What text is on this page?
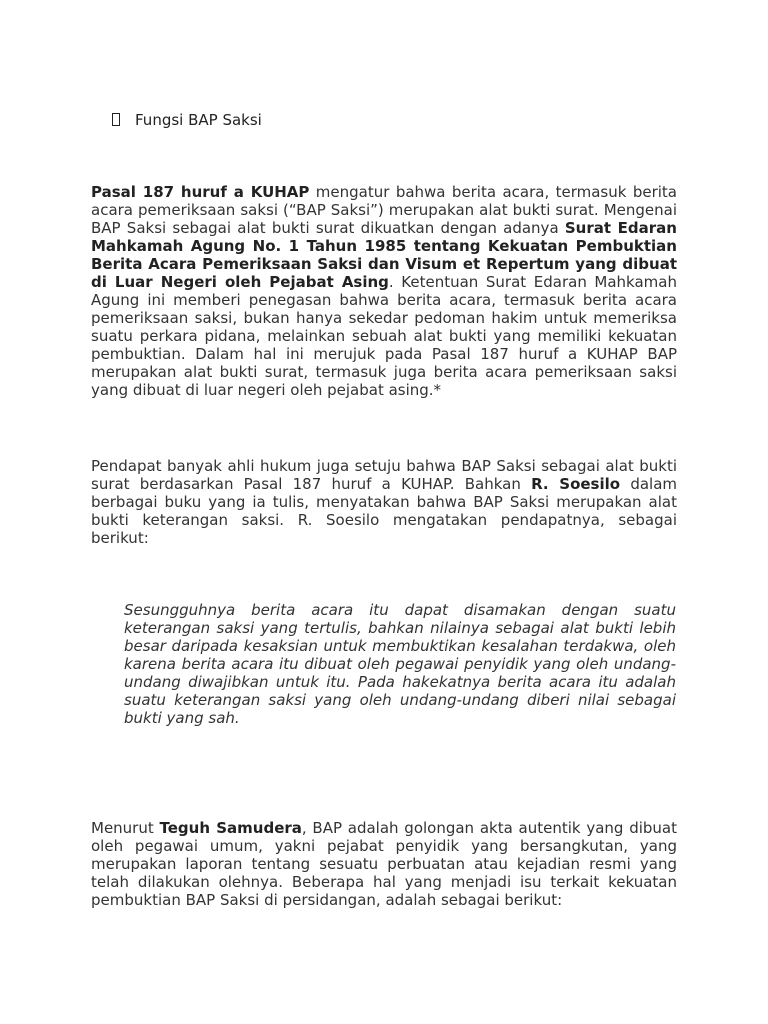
Fungsi BAP Saksi

Pasal 187 huruf a KUHAP mengatur bahwa berita acara, termasuk berita acara pemeriksaan saksi (“BAP Saksi”) merupakan alat bukti surat. Mengenai BAP Saksi sebagai alat bukti surat dikuatkan dengan adanya Surat Edaran Mahkamah Agung No. 1 Tahun 1985 tentang Kekuatan Pembuktian Berita Acara Pemeriksaan Saksi dan Visum et Repertum yang dibuat di Luar Negeri oleh Pejabat Asing. Ketentuan Surat Edaran Mahkamah Agung ini memberi penegasan bahwa berita acara, termasuk berita acara pemeriksaan saksi, bukan hanya sekedar pedoman hakim untuk memeriksa suatu perkara pidana, melainkan sebuah alat bukti yang memiliki kekuatan pembuktian. Dalam hal ini merujuk pada Pasal 187 huruf a KUHAP BAP merupakan alat bukti surat, termasuk juga berita acara pemeriksaan saksi yang dibuat di luar negeri oleh pejabat asing.*

Pendapat banyak ahli hukum juga setuju bahwa BAP Saksi sebagai alat bukti surat berdasarkan Pasal 187 huruf a KUHAP. Bahkan R. Soesilo dalam berbagai buku yang ia tulis, menyatakan bahwa BAP Saksi merupakan alat bukti keterangan saksi. R. Soesilo mengatakan pendapatnya, sebagai berikut:

Sesungguhnya berita acara itu dapat disamakan dengan suatu keterangan saksi yang tertulis, bahkan nilainya sebagai alat bukti lebih besar daripada kesaksian untuk membuktikan kesalahan terdakwa, oleh karena berita acara itu dibuat oleh pegawai penyidik yang oleh undang-undang diwajibkan untuk itu. Pada hakekatnya berita acara itu adalah suatu keterangan saksi yang oleh undang-undang diberi nilai sebagai bukti yang sah.

Menurut Teguh Samudera, BAP adalah golongan akta autentik yang dibuat oleh pegawai umum, yakni pejabat penyidik yang bersangkutan, yang merupakan laporan tentang sesuatu perbuatan atau kejadian resmi yang telah dilakukan olehnya. Beberapa hal yang menjadi isu terkait kekuatan pembuktian BAP Saksi di persidangan, adalah sebagai berikut:
